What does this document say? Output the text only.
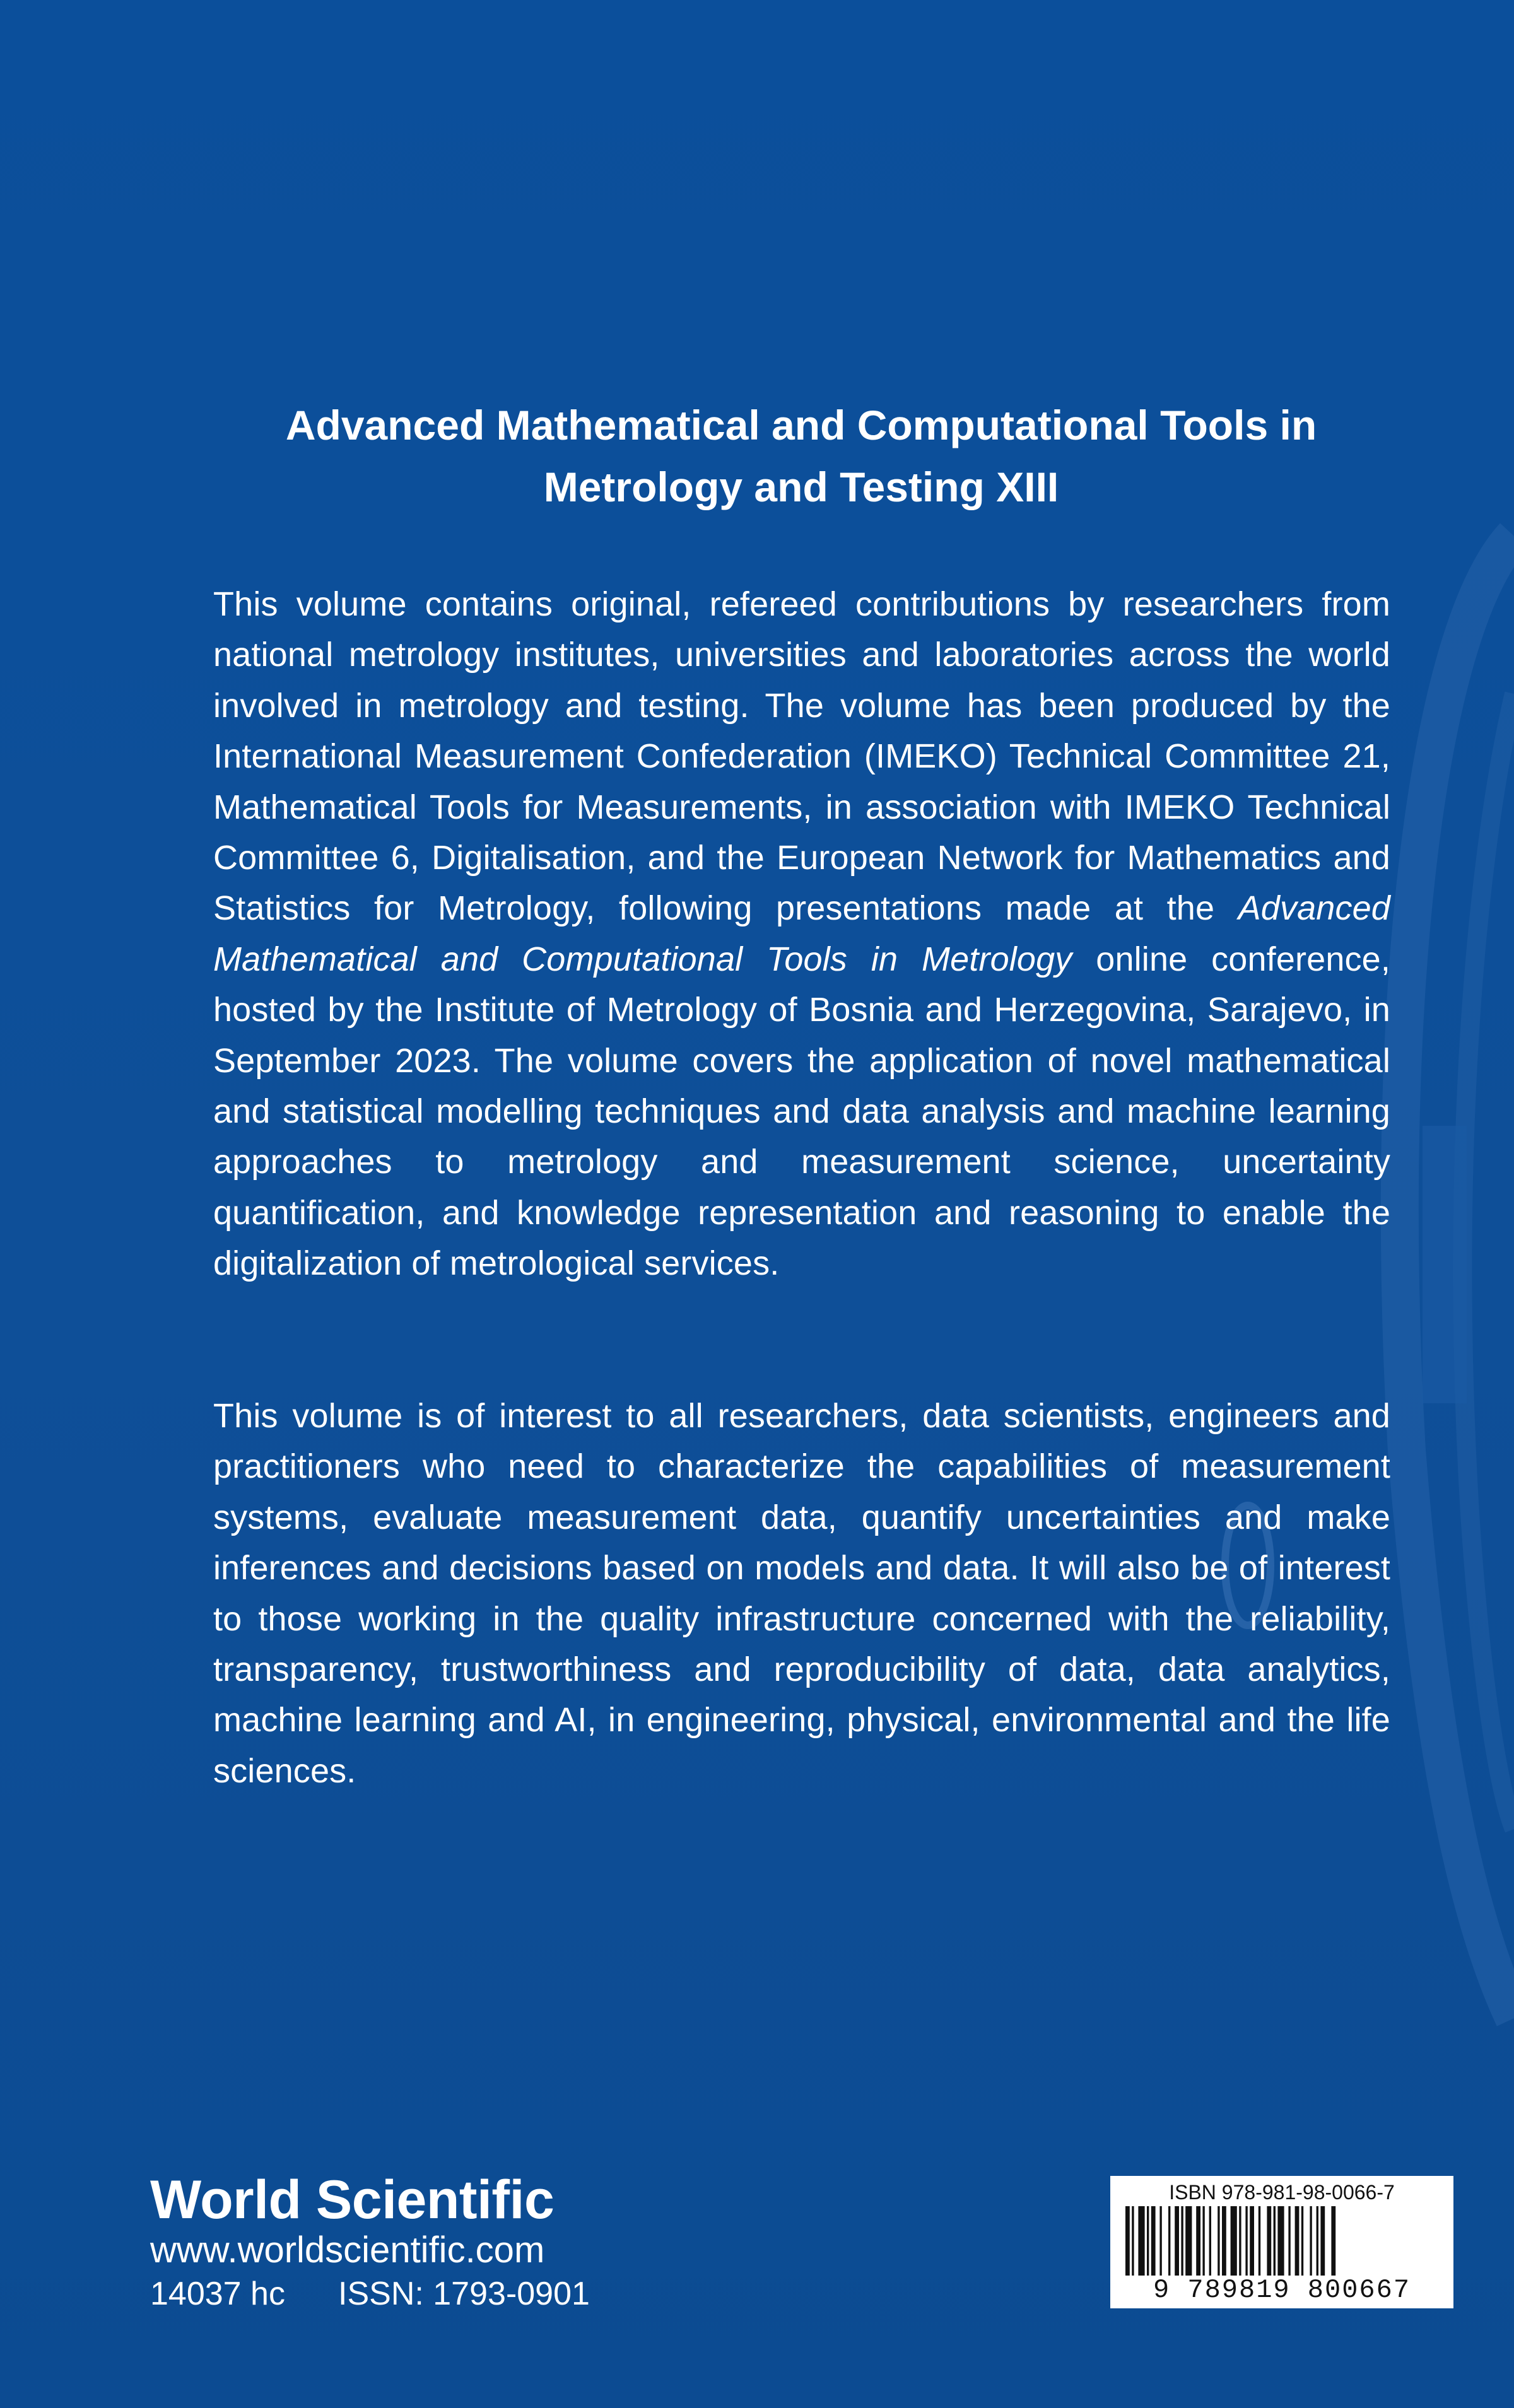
Advanced Mathematical and Computational Tools in
Metrology and Testing XIII

This volume contains original, refereed contributions by researchers from national metrology institutes, universities and laboratories across the world involved in metrology and testing. The volume has been produced by the International Measurement Confederation (IMEKO) Technical Committee 21, Mathematical Tools for Measurements, in association with IMEKO Technical Committee 6, Digitalisation, and the European Network for Mathematics and Statistics for Metrology, following presentations made at the Advanced Mathematical and Computational Tools in Metrology online conference, hosted by the Institute of Metrology of Bosnia and Herzegovina, Sarajevo, in September 2023. The volume covers the application of novel mathematical and statistical modelling techniques and data analysis and machine learning approaches to metrology and measurement science, uncertainty quantification, and knowledge representation and reasoning to enable the digitalization of metrological services.

This volume is of interest to all researchers, data scientists, engineers and practitioners who need to characterize the capabilities of measurement systems, evaluate measurement data, quantify uncertainties and make inferences and decisions based on models and data. It will also be of interest to those working in the quality infrastructure concerned with the reliability, transparency, trustworthiness and reproducibility of data, data analytics, machine learning and AI, in engineering, physical, environmental and the life sciences.

World Scientific

www.worldscientific.com

14037 hc ISSN: 1793-0901

ISBN 978-981-98-0066-7

9 789819 800667
